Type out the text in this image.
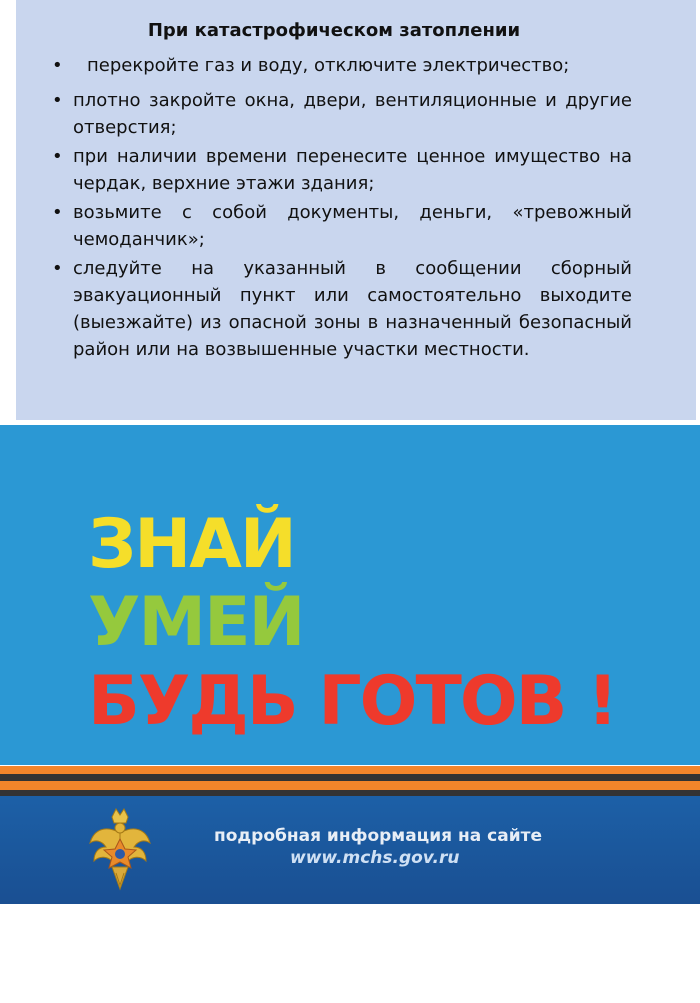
При катастрофическом затоплении
• перекройте газ и воду, отключите электричество;
• плотно закройте окна, двери, вентиляционные и другие отверстия;
• при наличии времени перенесите ценное имущество на чердак, верхние этажи здания;
• возьмите с собой документы, деньги, «тревожный чемоданчик»;
• следуйте на указанный в сообщении сборный эвакуационный пункт или самостоятельно выходите (выезжайте) из опасной зоны в назначенный безопасный район или на возвышенные участки местности.
ЗНАЙ
УМЕЙ
БУДЬ ГОТОВ !
подробная информация на сайте
www.mchs.gov.ru
